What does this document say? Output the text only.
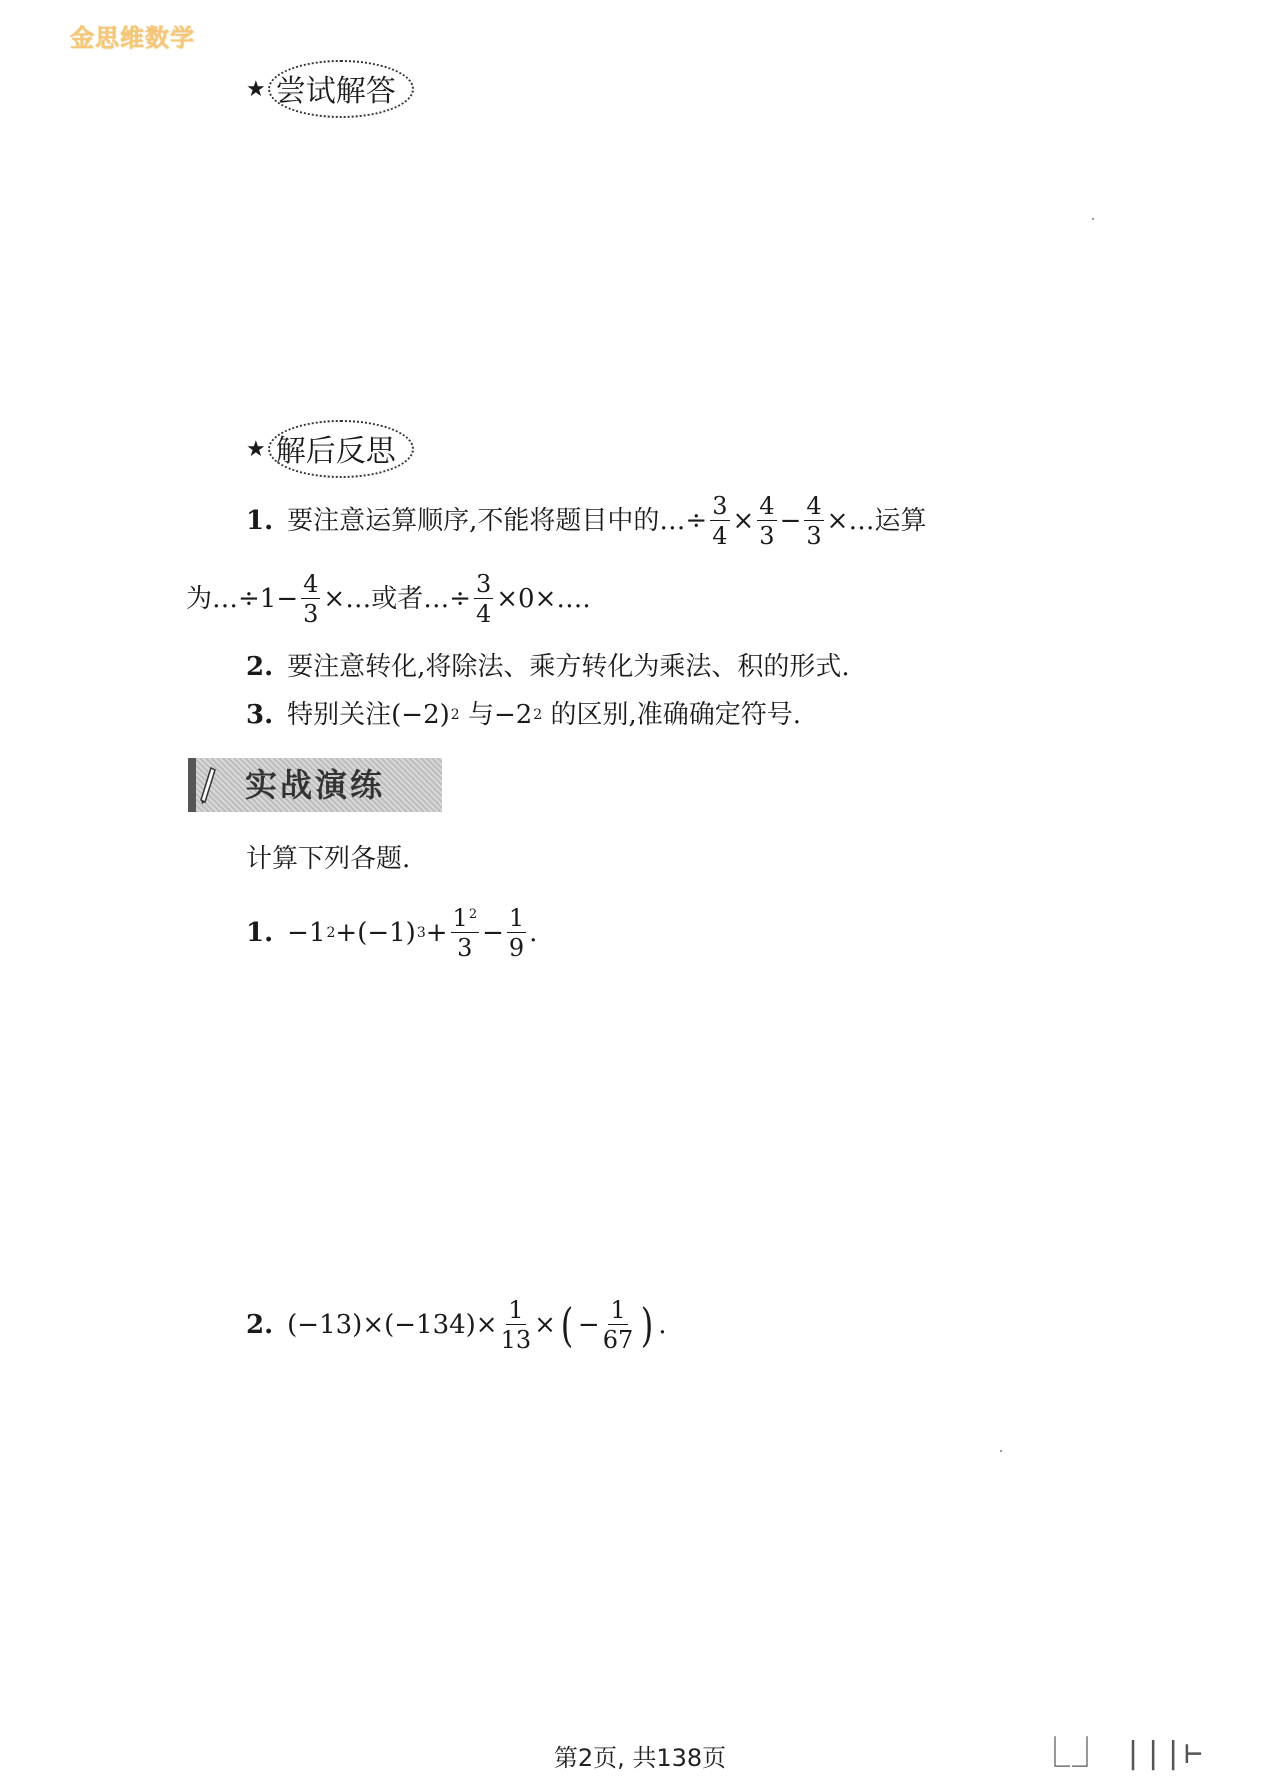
金思维数学
★ 尝试解答
★ 解后反思
1. 要注意运算顺序,不能将题目中的…÷ $\frac{3}{4} \times \frac{4}{3} - \frac{4}{3}$ ×…运算
为…÷1− $\frac{4}{3}$ ×…或者…÷ $\frac{3}{4}$ ×0×….
2. 要注意转化,将除法、乘方转化为乘法、积的形式.
3. 特别关注(−2) 2 与−2 2 的区别,准确确定符号.
实战演练
计算下列各题.
1. −1 2 +(−1) $3 + \frac{1^2}{3} - \frac{1}{9}$ .
2. $(-13)\times(-134)\times \frac{1}{13}$ × ( − $\frac{1}{67}$ ) .
第2页, 共138页	⎿⏌ |||⊢
